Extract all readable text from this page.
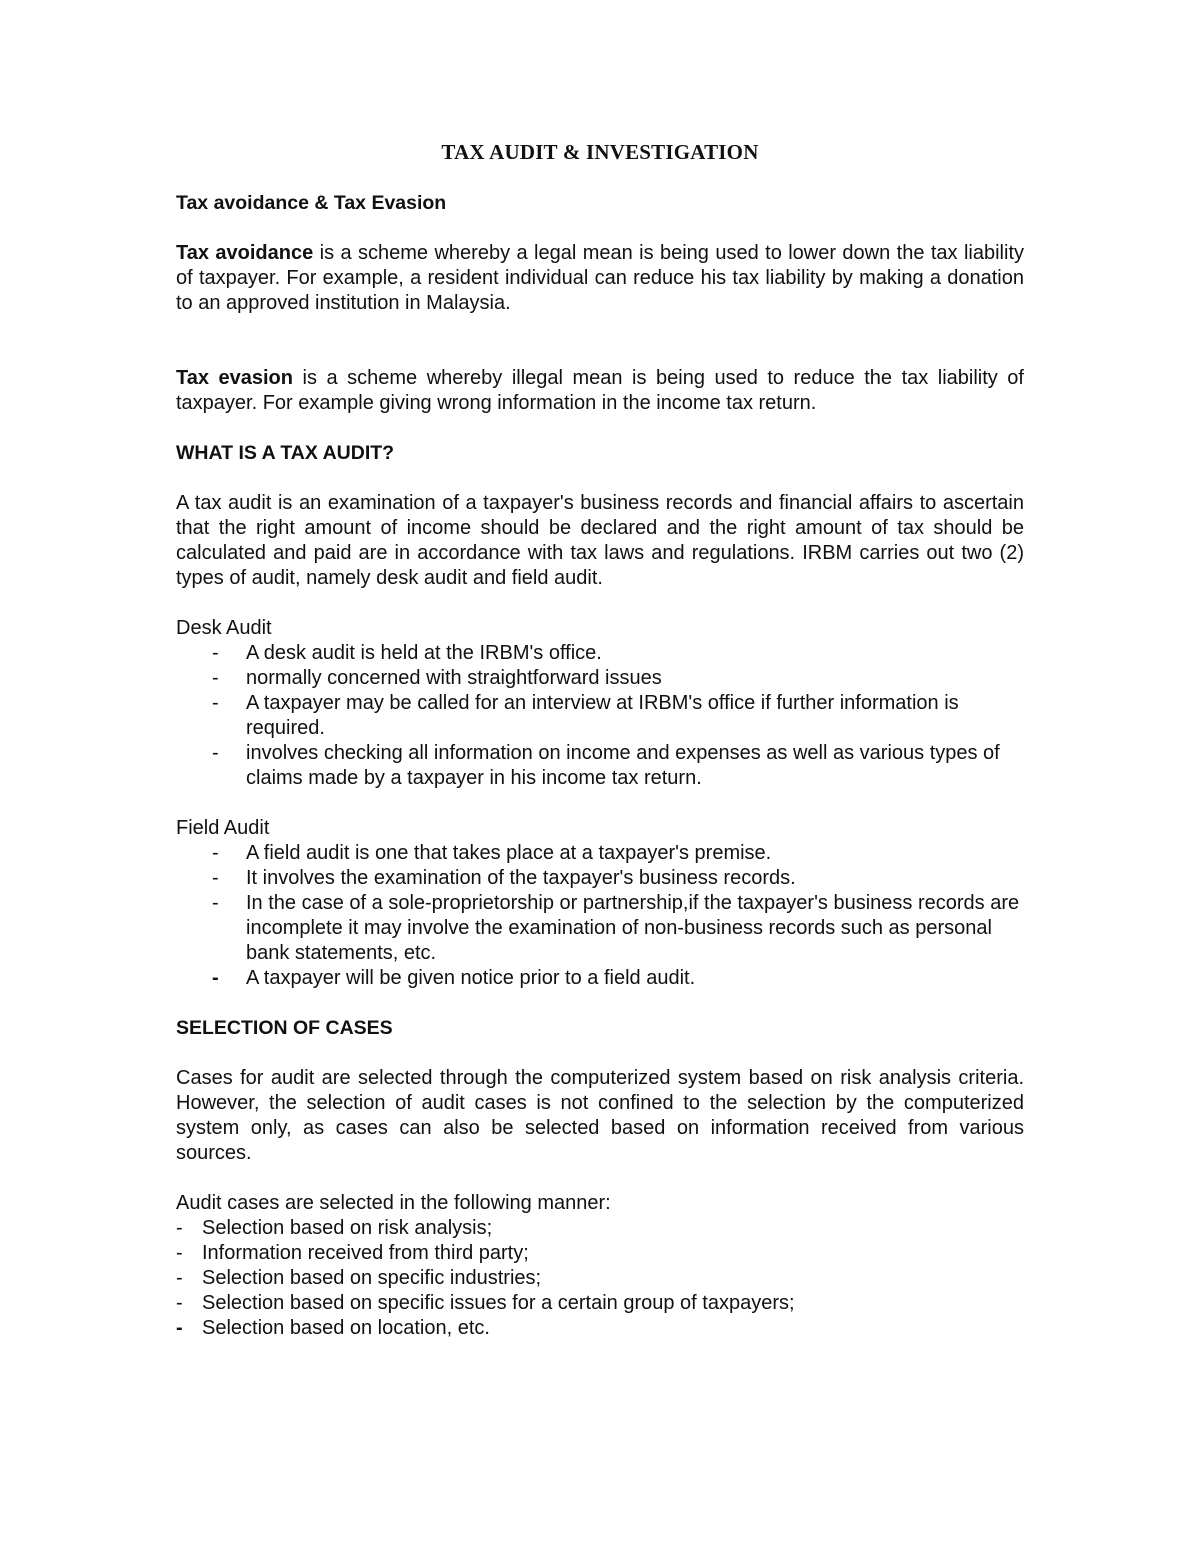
TAX AUDIT & INVESTIGATION
Tax avoidance & Tax Evasion

Tax avoidance is a scheme whereby a legal mean is being used to lower down the tax liability of taxpayer. For example, a resident individual can reduce his tax liability by making a donation to an approved institution in Malaysia.

Tax evasion is a scheme whereby illegal mean is being used to reduce the tax liability of taxpayer. For example giving wrong information in the income tax return.

WHAT IS A TAX AUDIT?

A tax audit is an examination of a taxpayer's business records and financial affairs to ascertain that the right amount of income should be declared and the right amount of tax should be calculated and paid are in accordance with tax laws and regulations. IRBM carries out two (2) types of audit, namely desk audit and field audit.

Desk Audit
- A desk audit is held at the IRBM's office.
- normally concerned with straightforward issues
- A taxpayer may be called for an interview at IRBM's office if further information is required.
- involves checking all information on income and expenses as well as various types of claims made by a taxpayer in his income tax return.
Field Audit
- A field audit is one that takes place at a taxpayer's premise.
- It involves the examination of the taxpayer's business records.
- In the case of a sole-proprietorship or partnership,if the taxpayer's business records are incomplete it may involve the examination of non-business records such as personal bank statements, etc.
- A taxpayer will be given notice prior to a field audit.
SELECTION OF CASES

Cases for audit are selected through the computerized system based on risk analysis criteria. However, the selection of audit cases is not confined to the selection by the computerized system only, as cases can also be selected based on information received from various sources.

Audit cases are selected in the following manner:
- Selection based on risk analysis;
- Information received from third party;
- Selection based on specific industries;
- Selection based on specific issues for a certain group of taxpayers;
- Selection based on location, etc.
